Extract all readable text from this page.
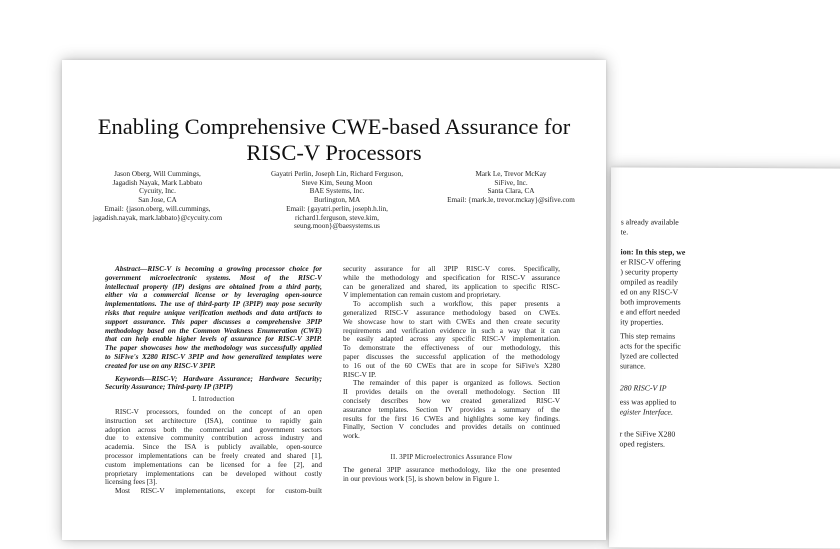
s already available
te.
ion: In this step, we
er RISC-V offering
) security property
ompiled as readily
ed on any RISC-V
both improvements
e and effort needed
ity properties.
This step remains
acts for the specific
lyzed are collected
surance.
280 RISC-V IP
ess was applied to
egister Interface.
r the SiFive X280
oped registers.
Enabling Comprehensive CWE-based Assurance for
RISC-V Processors
Jason Oberg, Will Cummings,
Jagadish Nayak, Mark Labbato
Cycuity, Inc.
San Jose, CA
Email: {jason.oberg, will.cummings,
jagadish.nayak, mark.labbato}@cycuity.com
Gayatri Perlin, Joseph Lin, Richard Ferguson,
Steve Kim, Seung Moon
BAE Systems, Inc.
Burlington, MA
Email: {gayatri.perlin, joseph.h.lin,
richard1.ferguson, steve.kim,
seung.moon}@baesystems.us
Mark Le, Trevor McKay
SiFive, Inc.
Santa Clara, CA
Email: {mark.le, trevor.mckay}@sifive.com
Abstract—RISC-V is becoming a growing processor choice for
government microelectronic systems. Most of the RISC-V
intellectual property (IP) designs are obtained from a third party,
either via a commercial license or by leveraging open-source
implementations. The use of third-party IP (3PIP) may pose security
risks that require unique verification methods and data artifacts to
support assurance. This paper discusses a comprehensive 3PIP
methodology based on the Common Weakness Enumeration (CWE)
that can help enable higher levels of assurance for RISC-V 3PIP.
The paper showcases how the methodology was successfully applied
to SiFive's X280 RISC-V 3PIP and how generalized templates were
created for use on any RISC-V 3PIP.
Keywords—RISC-V; Hardware Assurance; Hardware Security;
Security Assurance; Third-party IP (3PIP)
I. Introduction
RISC-V processors, founded on the concept of an open
instruction set architecture (ISA), continue to rapidly gain
adoption across both the commercial and government sectors
due to extensive community contribution across industry and
academia. Since the ISA is publicly available, open-source
processor implementations can be freely created and shared [1],
custom implementations can be licensed for a fee [2], and
proprietary implementations can be developed without costly
licensing fees [3].
Most RISC-V implementations, except for custom-built
security assurance for all 3PIP RISC-V cores. Specifically,
while the methodology and specification for RISC-V assurance
can be generalized and shared, its application to specific RISC-
V implementation can remain custom and proprietary.
To accomplish such a workflow, this paper presents a
generalized RISC-V assurance methodology based on CWEs.
We showcase how to start with CWEs and then create security
requirements and verification evidence in such a way that it can
be easily adapted across any specific RISC-V implementation.
To demonstrate the effectiveness of our methodology, this
paper discusses the successful application of the methodology
to 16 out of the 60 CWEs that are in scope for SiFive's X280
RISC-V IP.
The remainder of this paper is organized as follows. Section
II provides details on the overall methodology. Section III
concisely describes how we created generalized RISC-V
assurance templates. Section IV provides a summary of the
results for the first 16 CWEs and highlights some key findings.
Finally, Section V concludes and provides details on continued
work.
II. 3PIP Microelectronics Assurance Flow
The general 3PIP assurance methodology, like the one presented
in our previous work [5], is shown below in Figure 1.
